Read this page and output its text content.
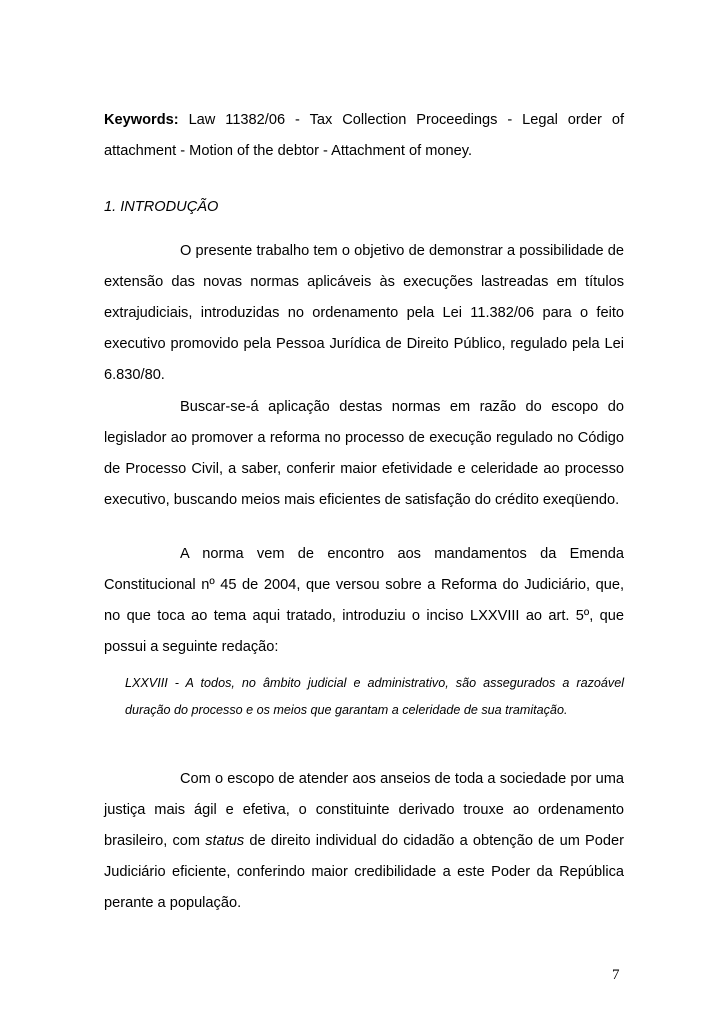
Keywords: Law 11382/06 - Tax Collection Proceedings - Legal order of attachment - Motion of the debtor - Attachment of money.
1. INTRODUÇÃO
O presente trabalho tem o objetivo de demonstrar a possibilidade de extensão das novas normas aplicáveis às execuções lastreadas em títulos extrajudiciais, introduzidas no ordenamento pela Lei 11.382/06 para o feito executivo promovido pela Pessoa Jurídica de Direito Público, regulado pela Lei 6.830/80.
Buscar-se-á aplicação destas normas em razão do escopo do legislador ao promover a reforma no processo de execução regulado no Código de Processo Civil, a saber, conferir maior efetividade e celeridade ao processo executivo, buscando meios mais eficientes de satisfação do crédito exeqüendo.
A norma vem de encontro aos mandamentos da Emenda Constitucional nº 45 de 2004, que versou sobre a Reforma do Judiciário, que, no que toca ao tema aqui tratado, introduziu o inciso LXXVIII ao art. 5º, que possui a seguinte redação:
LXXVIII - A todos, no âmbito judicial e administrativo, são assegurados a razoável duração do processo e os meios que garantam a celeridade de sua tramitação.
Com o escopo de atender aos anseios de toda a sociedade por uma justiça mais ágil e efetiva, o constituinte derivado trouxe ao ordenamento brasileiro, com status de direito individual do cidadão a obtenção de um Poder Judiciário eficiente, conferindo maior credibilidade a este Poder da República perante a população.
7
